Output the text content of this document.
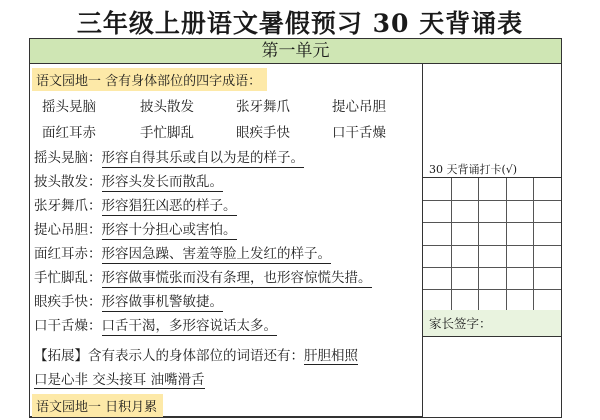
三年级上册语文暑假预习 30 天背诵表
第一单元
语文园地一 含有身体部位的四字成语：
摇头晃脑	披头散发	张牙舞爪	提心吊胆
面红耳赤	手忙脚乱	眼疾手快	口干舌燥
摇头晃脑：形容自得其乐或自以为是的样子。
披头散发：形容头发长而散乱。
张牙舞爪：形容猖狂凶恶的样子。
提心吊胆：形容十分担心或害怕。
面红耳赤：形容因急躁、害羞等脸上发红的样子。
手忙脚乱：形容做事慌张而没有条理，也形容惊慌失措。
眼疾手快：形容做事机警敏捷。
口干舌燥：口舌干渴，多形容说话太多。
【拓展】含有表示人的身体部位的词语还有：肝胆相照
口是心非 交头接耳 油嘴滑舌
语文园地一 日积月累
30 天背诵打卡(√)
家长签字：
